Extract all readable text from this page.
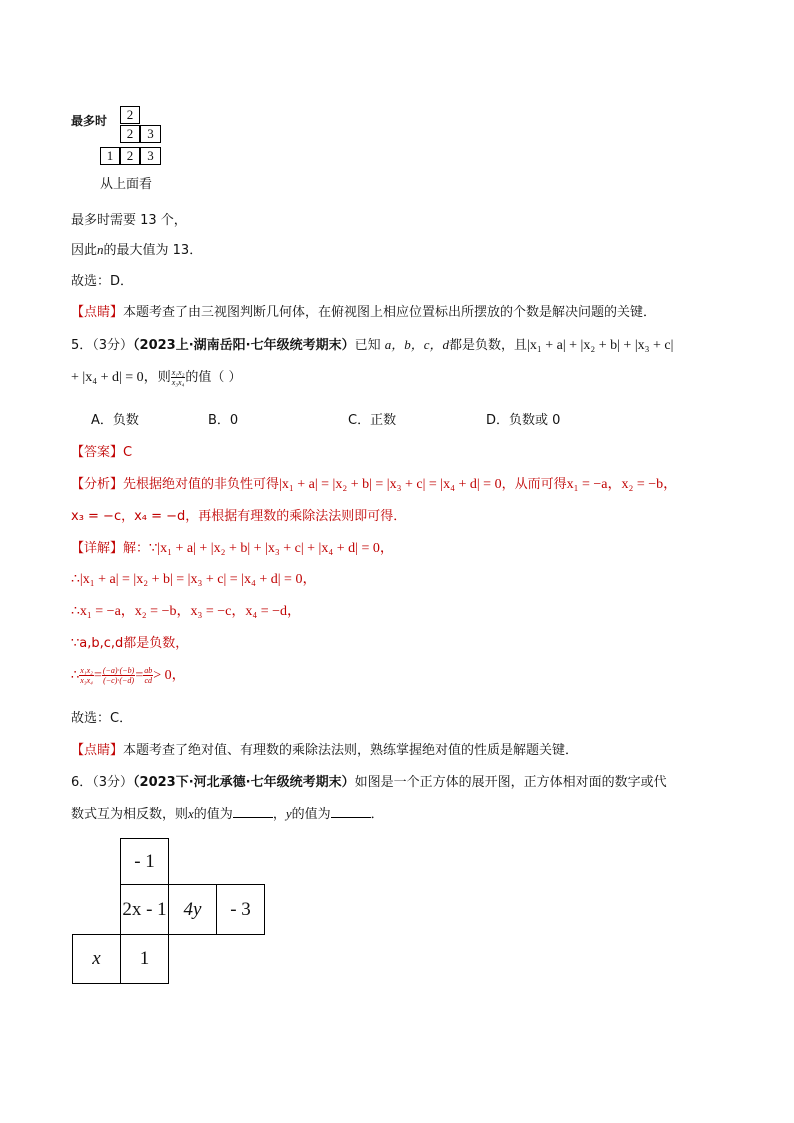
最多时	2
2	3
1	2	3
从上面看
最多时需要 13 个，
因此n的最大值为 13．
故选：D．
【点睛】本题考查了由三视图判断几何体，在俯视图上相应位置标出所摆放的个数是解决问题的关键．
5．（3分）（2023上·湖南岳阳·七年级统考期末）已知 a，b，c，d都是负数，且|x₁ + a| + |x₂ + b| + |x₃ + c|
+ |x₄ + d| = 0，则 $\frac{\text{x₁x₂}}{\text{x₃x₄}}$ 的值（ ）
A．负数	B．0	C．正数	D．负数或 0
【答案】C
【分析】先根据绝对值的非负性可得|x₁ + a| = |x₂ + b| = |x₃ + c| = |x₄ + d| = 0，从而可得x₁ = −a，x₂ = −b，
x₃ = −c，x₄ = −d，再根据有理数的乘除法法则即可得．
【详解】解：∵|x₁ + a| + |x₂ + b| + |x₃ + c| + |x₄ + d| = 0，
∴|x₁ + a| = |x₂ + b| = |x₃ + c| = |x₄ + d| = 0，
∴x₁ = −a，x₂ = −b，x₃ = −c，x₄ = −d，
∵a,b,c,d都是负数，
∴ $\frac{\text{x₁x₂}}{\text{x₃x₄}} = \frac{(-a)\cdot(-b)}{(-c)\cdot(-d)} = \frac{ab}{cd} > 0$，
故选：C．
【点睛】本题考查了绝对值、有理数的乘除法法则，熟练掌握绝对值的性质是解题关键．
6．（3分）（2023下·河北承德·七年级统考期末）如图是一个正方体的展开图，正方体相对面的数字或代
数式互为相反数，则x的值为	，y的值为	．
- 1
2x - 1 4y	- 3
x	1
